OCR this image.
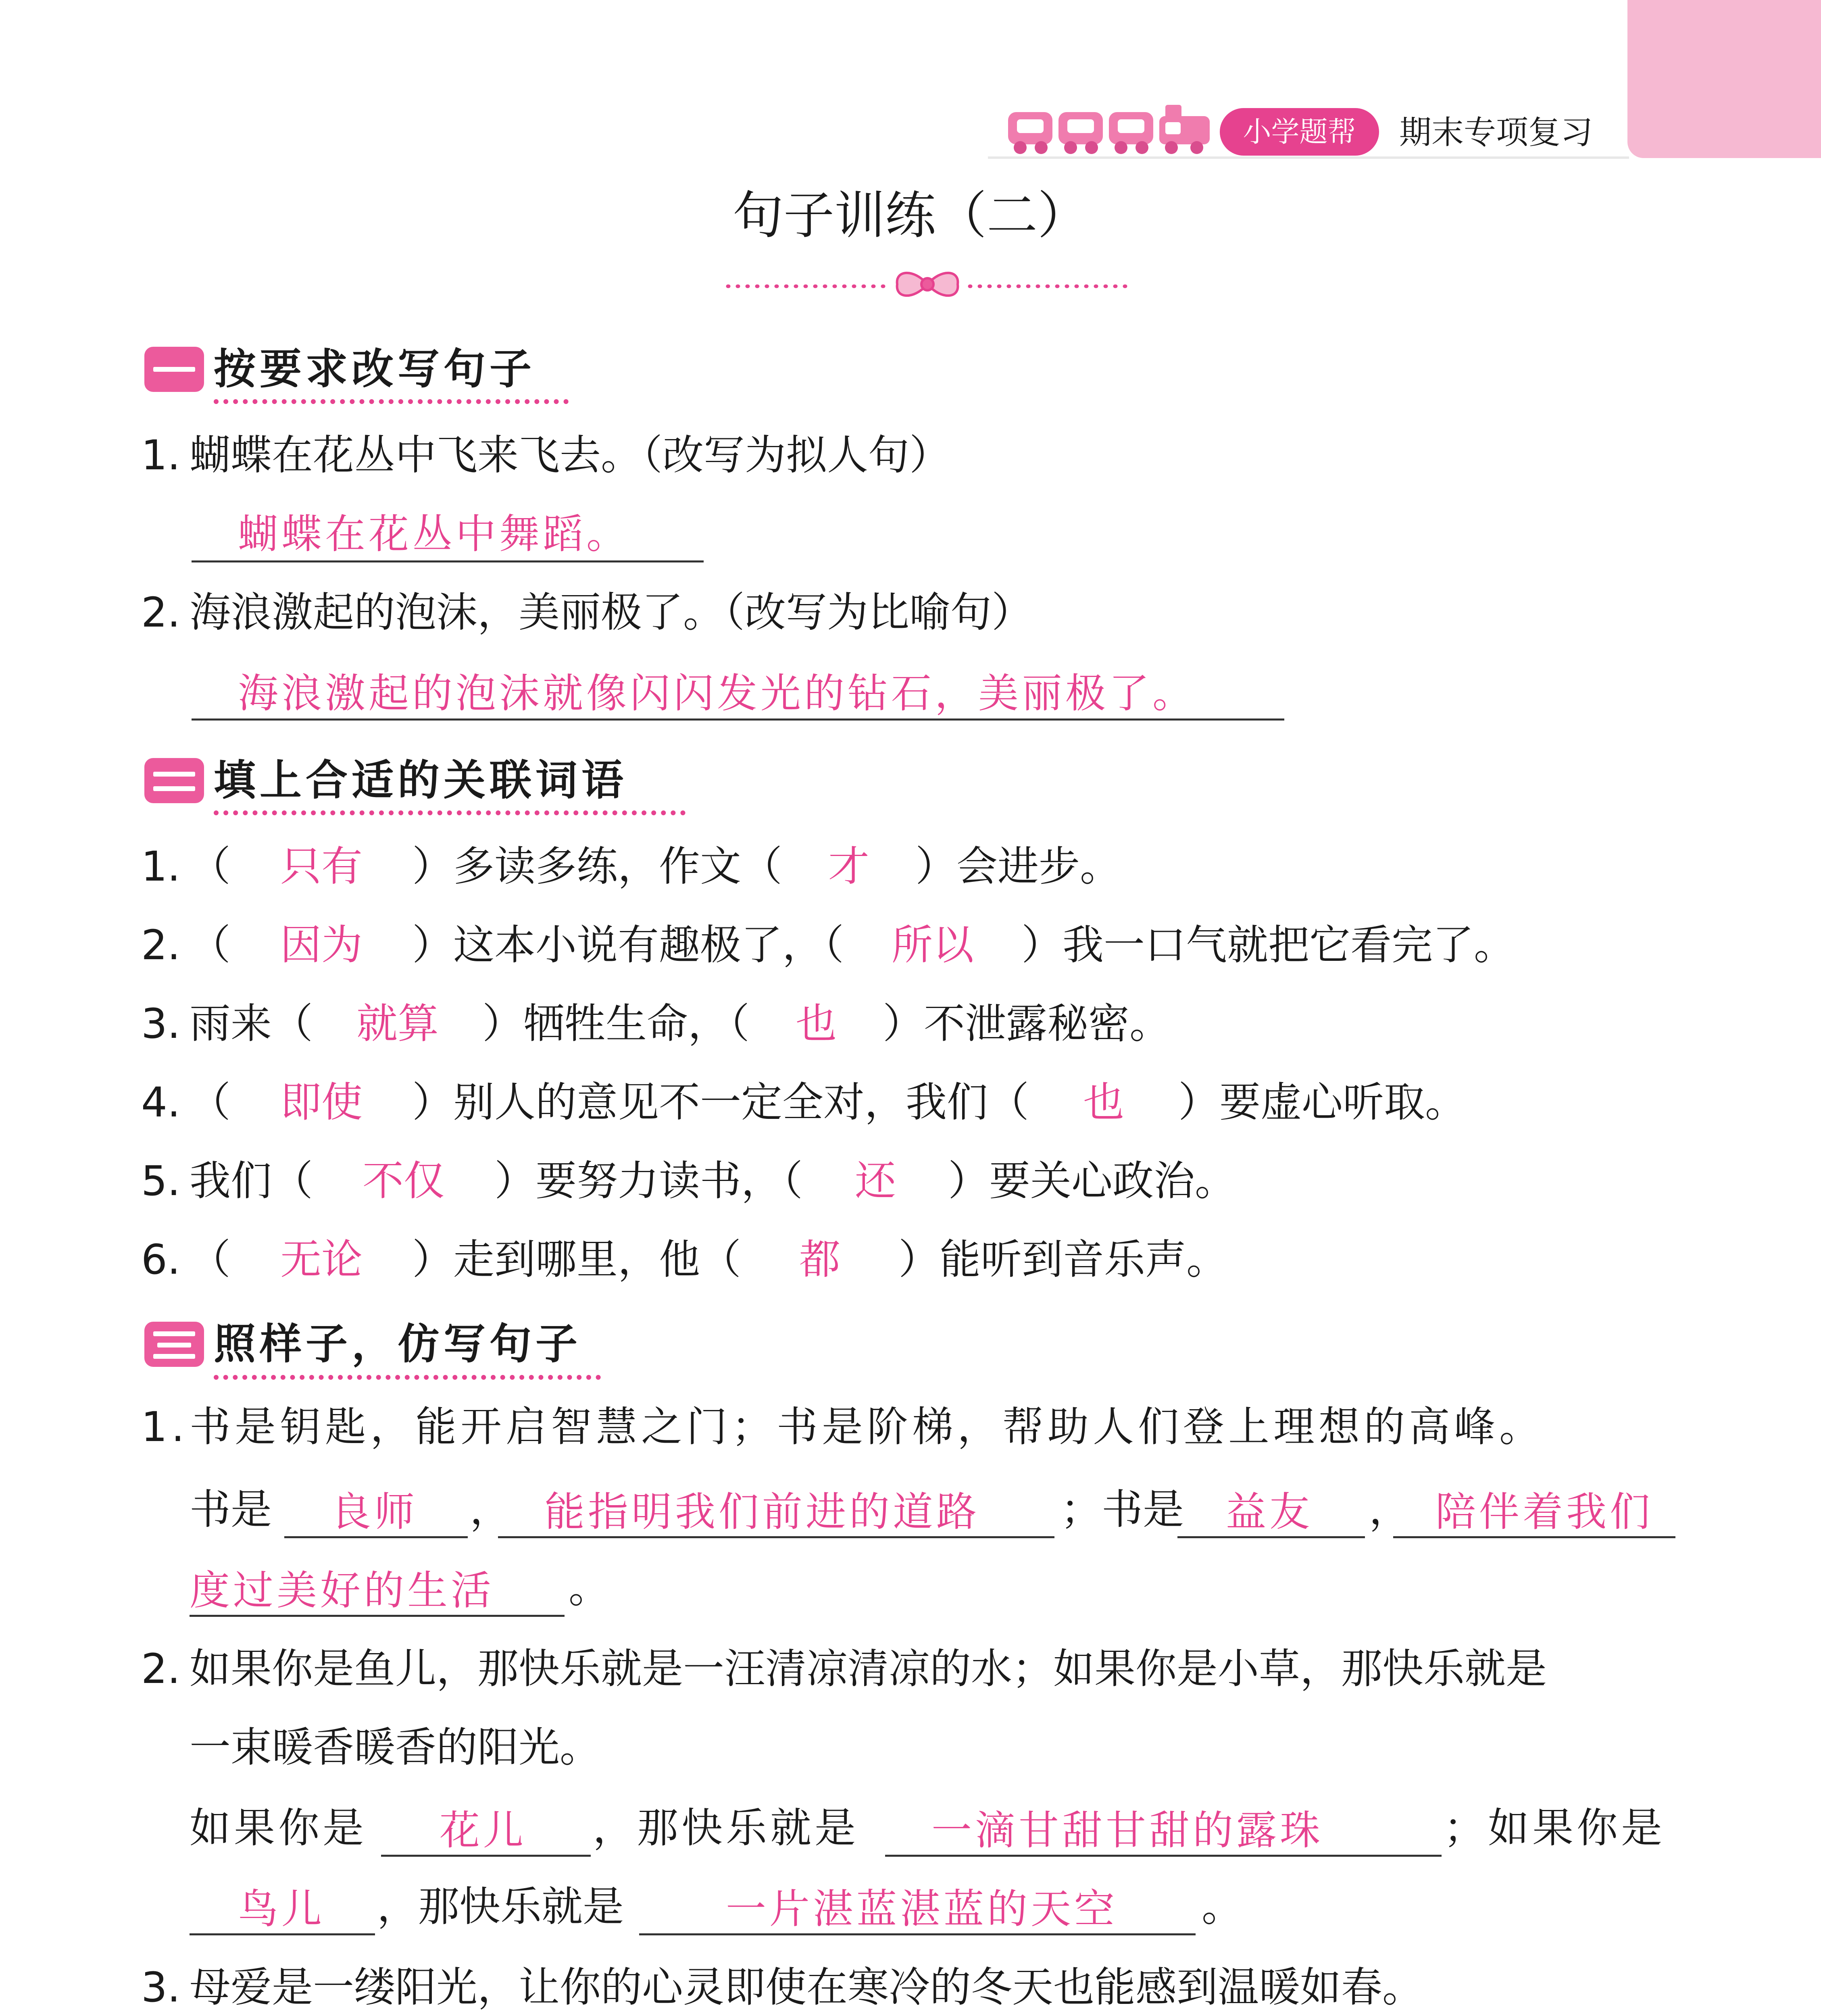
小学题帮	期末专项复习
句子训练（二）
按要求改写句子
1. 蝴蝶在花丛中飞来飞去。（改写为拟人句）
蝴蝶在花丛中舞蹈。
2. 海浪激起的泡沫，美丽极了。（改写为比喻句）
海浪激起的泡沫就像闪闪发光的钻石，美丽极了。
填上合适的关联词语
1. （ 只有 ）多读多练，作文（ 才 ）会进步。
2. （ 因为 ）这本小说有趣极了，（ 所以 ）我一口气就把它看完了。
3. 雨来（ 就算 ）牺牲生命，（ 也 ）不泄露秘密。
4. （ 即使 ）别人的意见不一定全对，我们（ 也 ）要虚心听取。
5. 我们（ 不仅 ）要努力读书，（ 还 ）要关心政治。
6. （ 无论 ）走到哪里，他（ 都 ）能听到音乐声。
照样子，仿写句子
1.书是钥匙，能开启智慧之门；书是阶梯，帮助人们登上理想的高峰。
书是 良师 ， 能指明我们前进的道路 ；书是 益友 ， 陪伴着我们
度过美好的生活 。
2. 如果你是鱼儿，那快乐就是一汪清凉清凉的水；如果你是小草，那快乐就是
一束暖香暖香的阳光。
如果你是 花儿 ，那快乐就是 一滴甘甜甘甜的露珠	；如果你是
鸟儿 ，那快乐就是	一片湛蓝湛蓝的天空 。
3. 母爱是一缕阳光，让你的心灵即使在寒冷的冬天也能感到温暖如春。
